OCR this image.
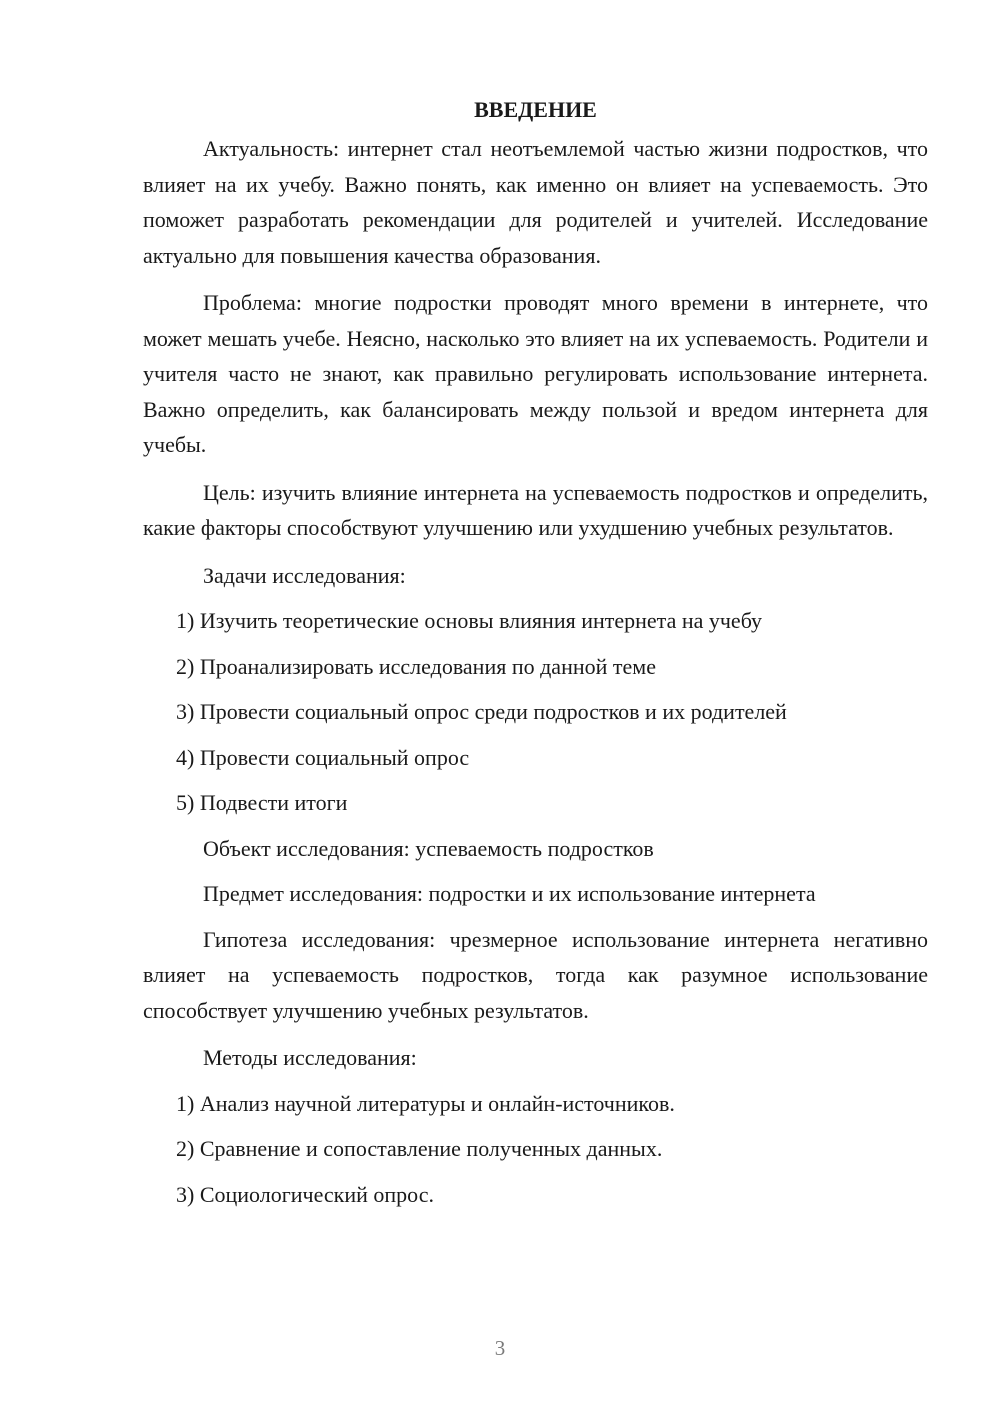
ВВЕДЕНИЕ

Актуальность: интернет стал неотъемлемой частью жизни подростков, что влияет на их учебу. Важно понять, как именно он влияет на успеваемость. Это поможет разработать рекомендации для родителей и учителей. Исследование актуально для повышения качества образования.

Проблема: многие подростки проводят много времени в интернете, что может мешать учебе. Неясно, насколько это влияет на их успеваемость. Родители и учителя часто не знают, как правильно регулировать использование интернета. Важно определить, как балансировать между пользой и вредом интернета для учебы.

Цель: изучить влияние интернета на успеваемость подростков и определить, какие факторы способствуют улучшению или ухудшению учебных результатов.

Задачи исследования:

1) Изучить теоретические основы влияния интернета на учебу

2) Проанализировать исследования по данной теме

3) Провести социальный опрос среди подростков и их родителей

4) Провести социальный опрос

5) Подвести итоги

Объект исследования: успеваемость подростков

Предмет исследования: подростки и их использование интернета

Гипотеза исследования: чрезмерное использование интернета негативно влияет на успеваемость подростков, тогда как разумное использование способствует улучшению учебных результатов.

Методы исследования:

1) Анализ научной литературы и онлайн-источников.

2) Сравнение и сопоставление полученных данных.

3) Социологический опрос.

3
